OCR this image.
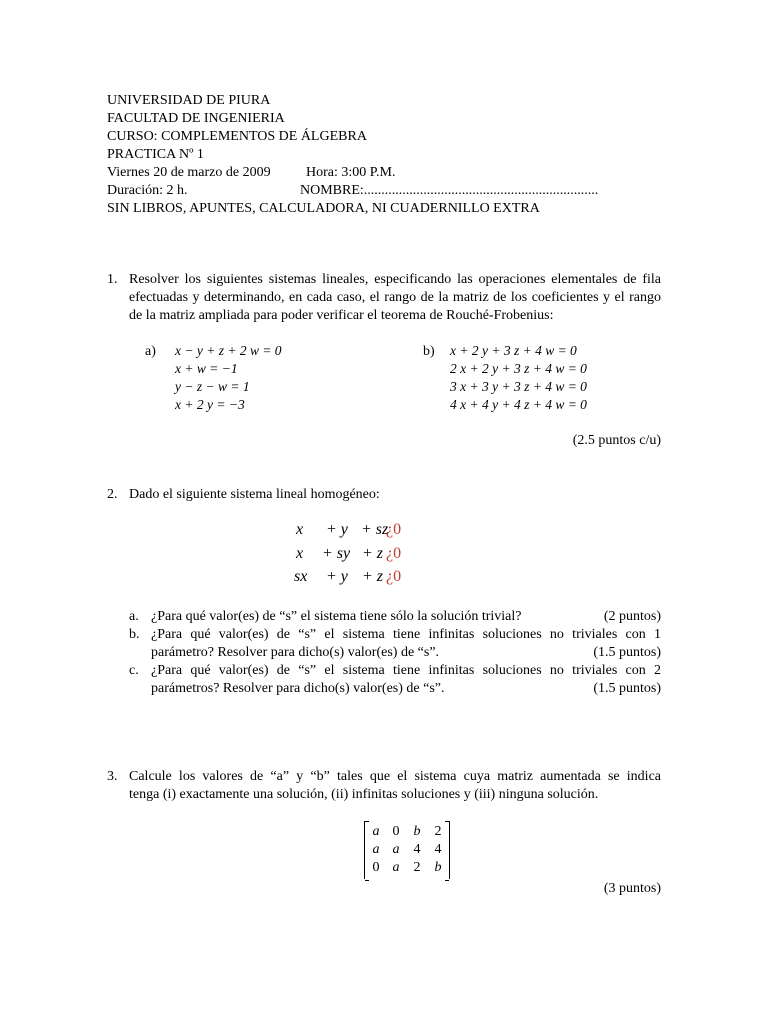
UNIVERSIDAD DE PIURA
FACULTAD DE INGENIERIA
CURSO: COMPLEMENTOS DE ÁLGEBRA
PRACTICA Nº 1
Viernes 20 de marzo de 2009	Hora: 3:00 P.M.
Duración: 2 h.	NOMBRE:...................................................................
SIN LIBROS, APUNTES, CALCULADORA, NI CUADERNILLO EXTRA
1. Resolver los siguientes sistemas lineales, especificando las operaciones elementales de fila efectuadas y determinando, en cada caso, el rango de la matriz de los coeficientes y el rango de la matriz ampliada para poder verificar el teorema de Rouché-Frobenius:
a) x − y + z + 2 w = 0
x + w = −1
y − z − w = 1
x + 2 y = −3
b) x + 2 y + 3 z + 4 w = 0
2 x + 2 y + 3 z + 4 w = 0
3 x + 3 y + 3 z + 4 w = 0
4 x + 4 y + 4 z + 4 w = 0
(2.5 puntos c/u)
2. Dado el siguiente sistema lineal homogéneo:
x + y + sz
¿0
x + sy + z ¿0
sx + y + z ¿0
a. ¿Para qué valor(es) de “s” el sistema tiene sólo la solución trivial?	(2 puntos)
b. ¿Para qué valor(es) de “s” el sistema tiene infinitas soluciones no triviales con 1
parámetro? Resolver para dicho(s) valor(es) de “s”.	(1.5 puntos)
c. ¿Para qué valor(es) de “s” el sistema tiene infinitas soluciones no triviales con 2
parámetros? Resolver para dicho(s) valor(es) de “s”.	(1.5 puntos)
3. Calcule los valores de “a” y “b” tales que el sistema cuya matriz aumentada se indica
tenga (i) exactamente una solución, (ii) infinitas soluciones y (iii) ninguna solución.
a 0	b	2
a a	4	4
0 a	2	b
(3 puntos)
